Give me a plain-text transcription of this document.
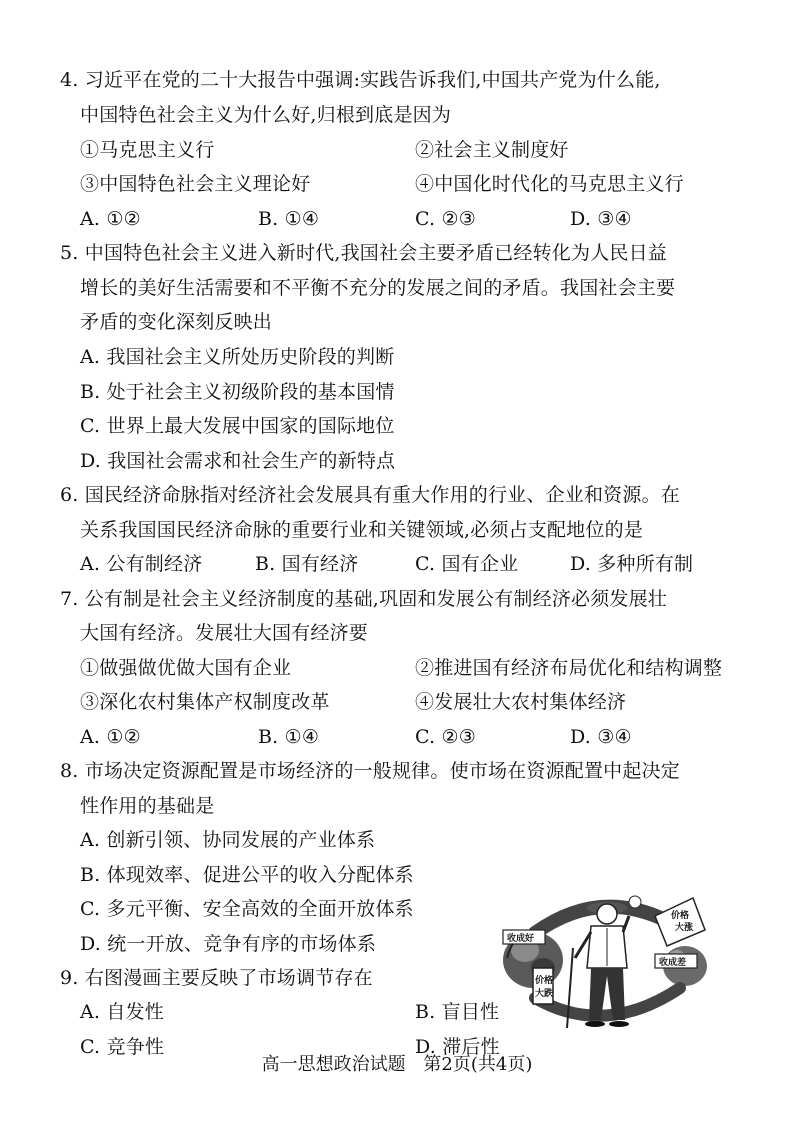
4. 习近平在党的二十大报告中强调:实践告诉我们,中国共产党为什么能,
中国特色社会主义为什么好,归根到底是因为
①马克思主义行	②社会主义制度好
③中国特色社会主义理论好	④中国化时代化的马克思主义行
A. ①②	B. ①④	C. ②③	D. ③④
5. 中国特色社会主义进入新时代,我国社会主要矛盾已经转化为人民日益
增长的美好生活需要和不平衡不充分的发展之间的矛盾。我国社会主要
矛盾的变化深刻反映出
A. 我国社会主义所处历史阶段的判断
B. 处于社会主义初级阶段的基本国情
C. 世界上最大发展中国家的国际地位
D. 我国社会需求和社会生产的新特点
6. 国民经济命脉指对经济社会发展具有重大作用的行业、企业和资源。在
关系我国国民经济命脉的重要行业和关键领域,必须占支配地位的是
A. 公有制经济	B. 国有经济	C. 国有企业	D. 多种所有制
7. 公有制是社会主义经济制度的基础,巩固和发展公有制经济必须发展壮
大国有经济。发展壮大国有经济要
①做强做优做大国有企业	②推进国有经济布局优化和结构调整
③深化农村集体产权制度改革	④发展壮大农村集体经济
A. ①②	B. ①④	C. ②③	D. ③④
8. 市场决定资源配置是市场经济的一般规律。使市场在资源配置中起决定
性作用的基础是
A. 创新引领、协同发展的产业体系
B. 体现效率、促进公平的收入分配体系
C. 多元平衡、安全高效的全面开放体系
D. 统一开放、竞争有序的市场体系
9. 右图漫画主要反映了市场调节存在
A. 自发性	B. 盲目性
C. 竞争性	D. 滞后性
价格
大涨
价格
大跌
收成好
收成差
高一思想政治试题 第2页(共4页)
